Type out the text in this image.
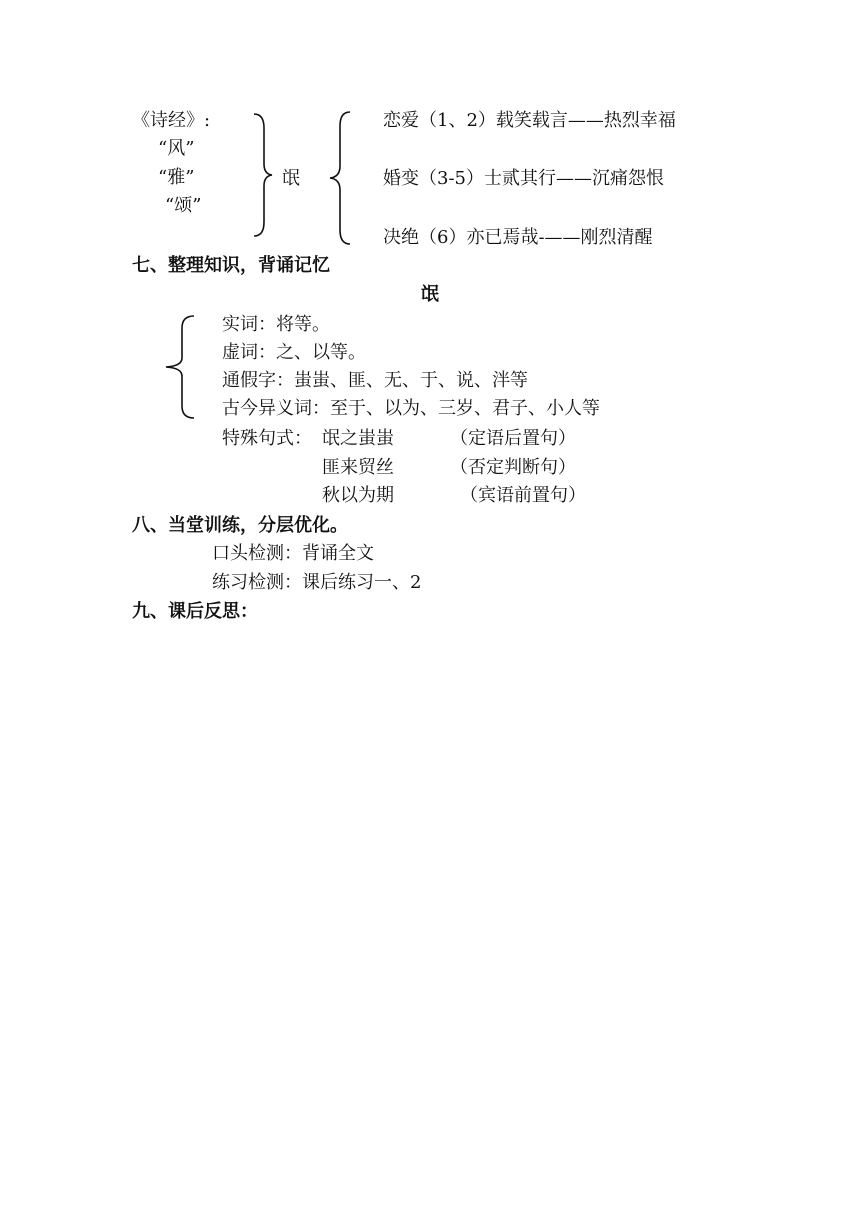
《诗经》:
“风”
“雅”
“颂”
氓
恋爱（1、2）载笑载言——热烈幸福
婚变（3-5）士贰其行——沉痛怨恨
决绝（6）亦已焉哉-——刚烈清醒
七、整理知识，背诵记忆
氓
实词：将等。
虚词：之、以等。
通假字：蚩蚩、匪、无、于、说、泮等
古今异义词：至于、以为、三岁、君子、小人等
特殊句式： 氓之蚩蚩	（定语后置句）
匪来贸丝	（否定判断句）
秋以为期	（宾语前置句）
八、当堂训练，分层优化。
口头检测：背诵全文
练习检测：课后练习一、2
九、课后反思：
